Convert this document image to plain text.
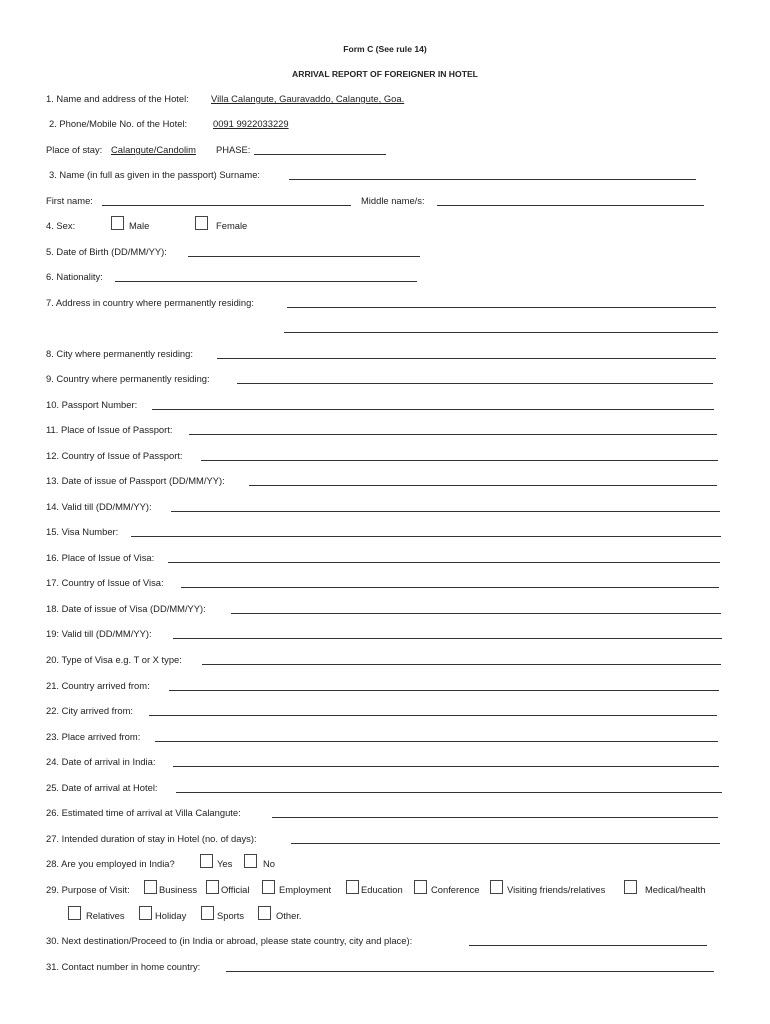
Form C (See rule 14)
ARRIVAL REPORT OF FOREIGNER IN HOTEL
1. Name and address of the Hotel: Villa Calangute, Gauravaddo, Calangute, Goa.
2. Phone/Mobile No. of the Hotel:	0091 9922033229
Place of stay: Calangute/Candolim PHASE:
3. Name (in full as given in the passport) Surname:
First name:	Middle name/s:
4. Sex:	Male	Female
5. Date of Birth (DD/MM/YY):
6. Nationality:
7. Address in country where permanently residing:
8. City where permanently residing:
9. Country where permanently residing:
10. Passport Number:
11. Place of Issue of Passport:
12. Country of Issue of Passport:
13. Date of issue of Passport (DD/MM/YY):
14. Valid till (DD/MM/YY):
15. Visa Number:
16. Place of Issue of Visa:
17. Country of Issue of Visa:
18. Date of issue of Visa (DD/MM/YY):
19: Valid till (DD/MM/YY):
20. Type of Visa e.g. T or X type:
21. Country arrived from:
22. City arrived from:
23. Place arrived from:
24. Date of arrival in India:
25. Date of arrival at Hotel:
26. Estimated time of arrival at Villa Calangute:
27. Intended duration of stay in Hotel (no. of days):
28. Are you employed in India?	Yes	No
29. Purpose of Visit:	Business	Official	Employment	Education	Conference	Visiting friends/relatives	Medical/health
Relatives	Holiday	Sports	Other.
30. Next destination/Proceed to (in India or abroad, please state country, city and place):
31. Contact number in home country:
